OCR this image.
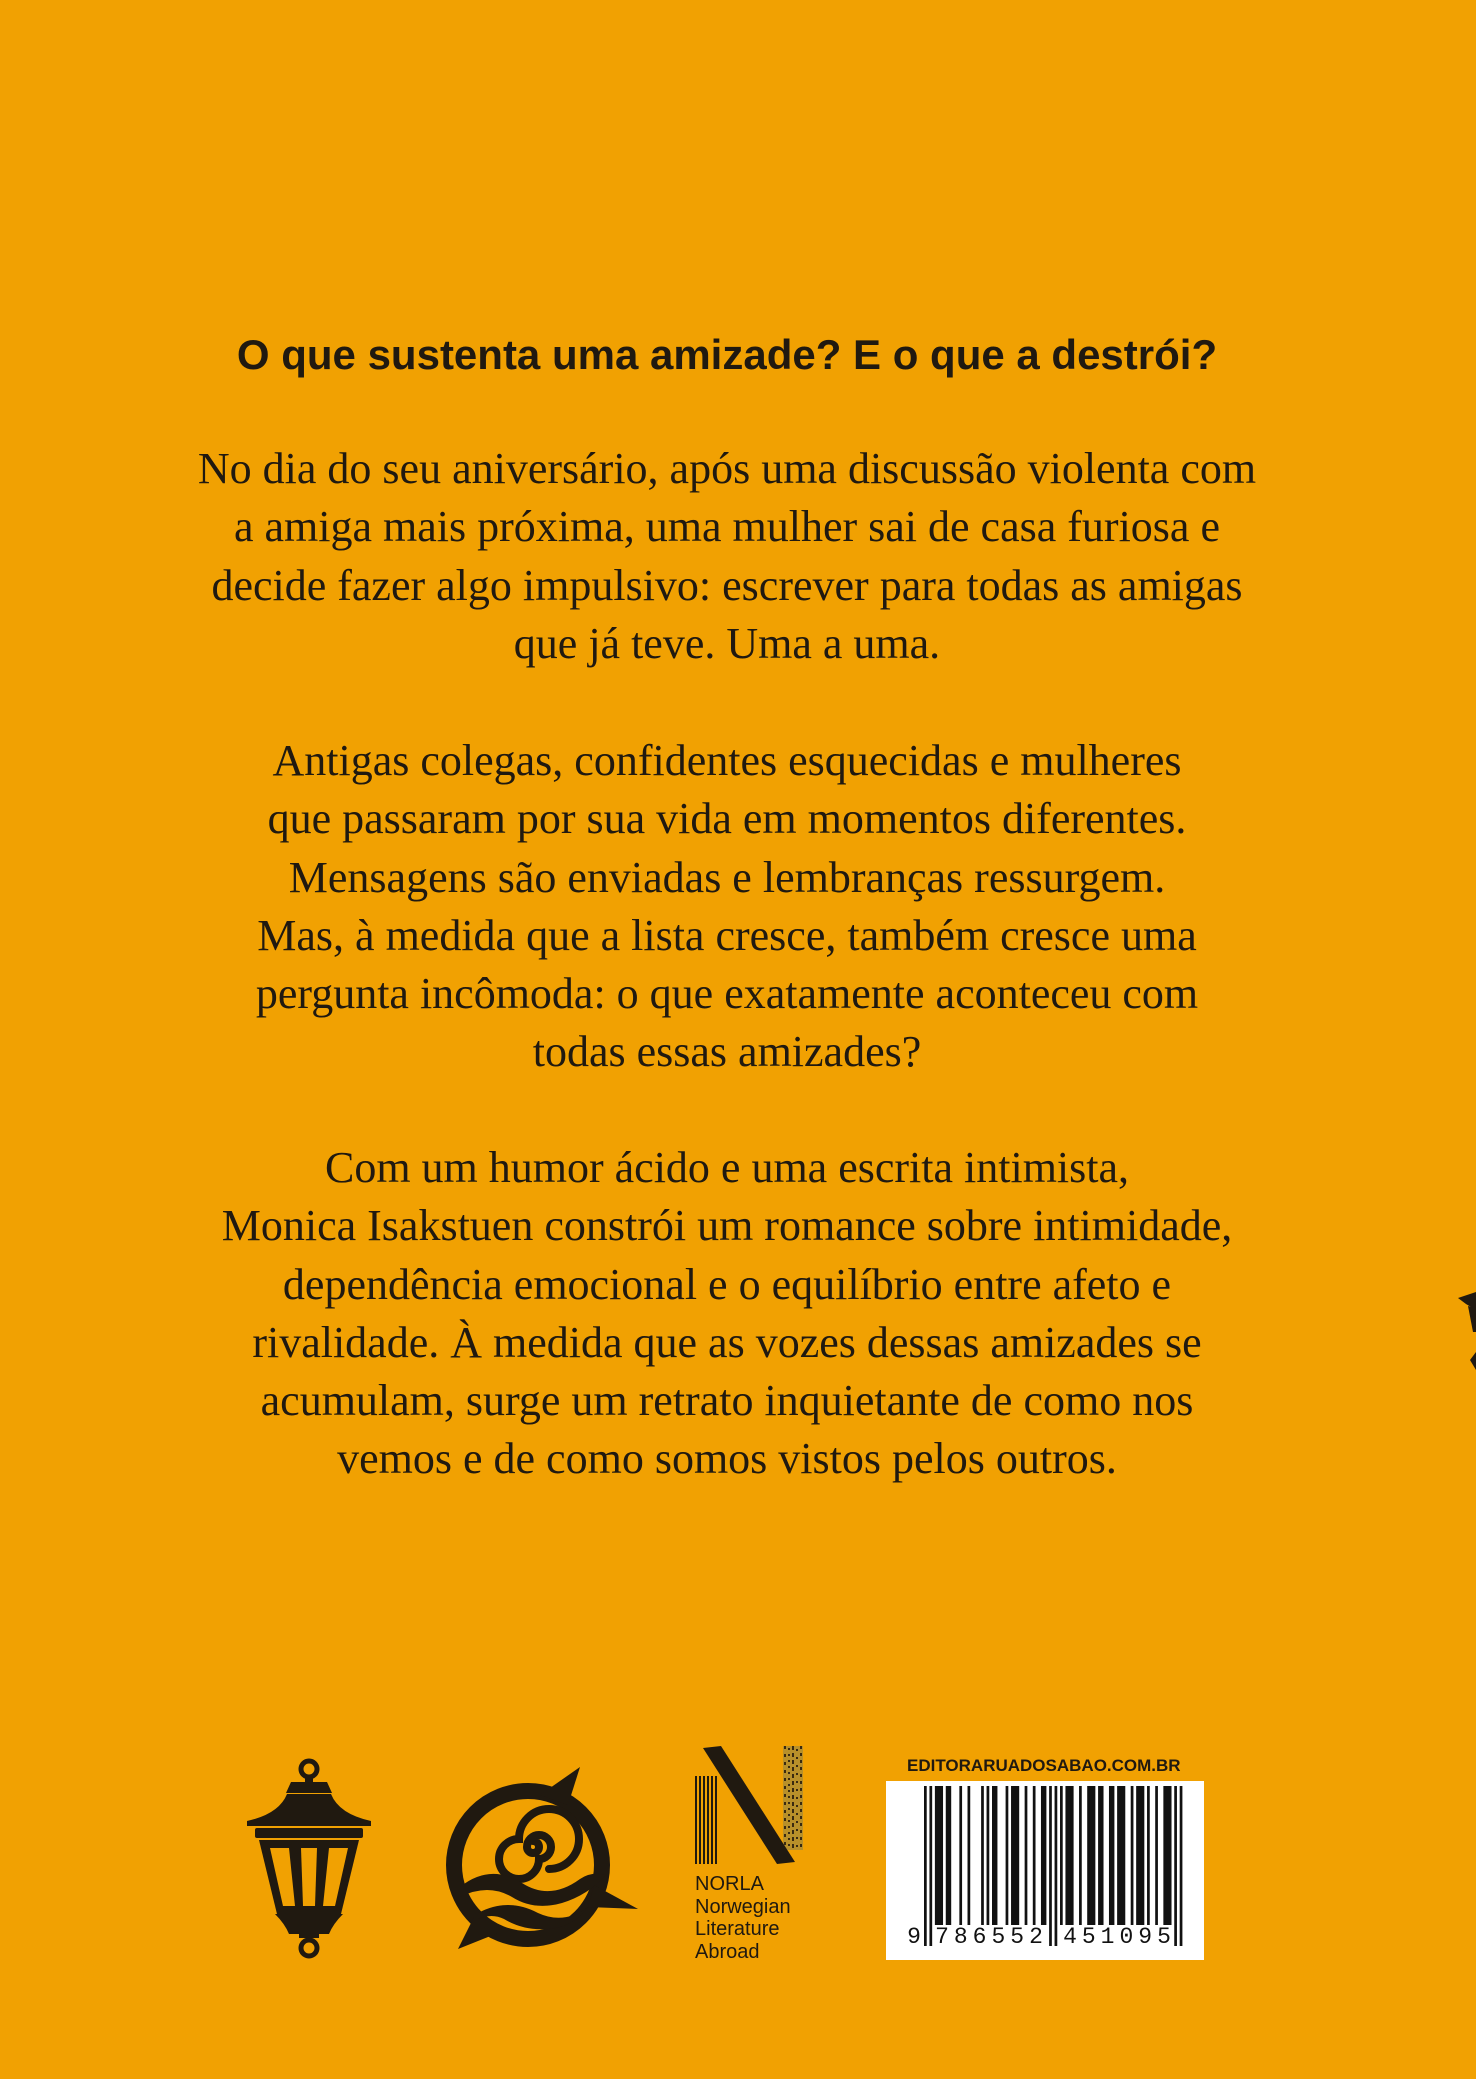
O que sustenta uma amizade? E o que a destrói?
No dia do seu aniversário, após uma discussão violenta com
a amiga mais próxima, uma mulher sai de casa furiosa e
decide fazer algo impulsivo: escrever para todas as amigas
que já teve. Uma a uma.
Antigas colegas, confidentes esquecidas e mulheres
que passaram por sua vida em momentos diferentes.
Mensagens são enviadas e lembranças ressurgem.
Mas, à medida que a lista cresce, também cresce uma
pergunta incômoda: o que exatamente aconteceu com
todas essas amizades?
Com um humor ácido e uma escrita intimista,
Monica Isakstuen constrói um romance sobre intimidade,
dependência emocional e o equilíbrio entre afeto e
rivalidade. À medida que as vozes dessas amizades se
acumulam, surge um retrato inquietante de como nos
vemos e de como somos vistos pelos outros.
NORLA
Norwegian
Literature
Abroad
EDITORARUADOSABAO.COM.BR
9 786552 451095
